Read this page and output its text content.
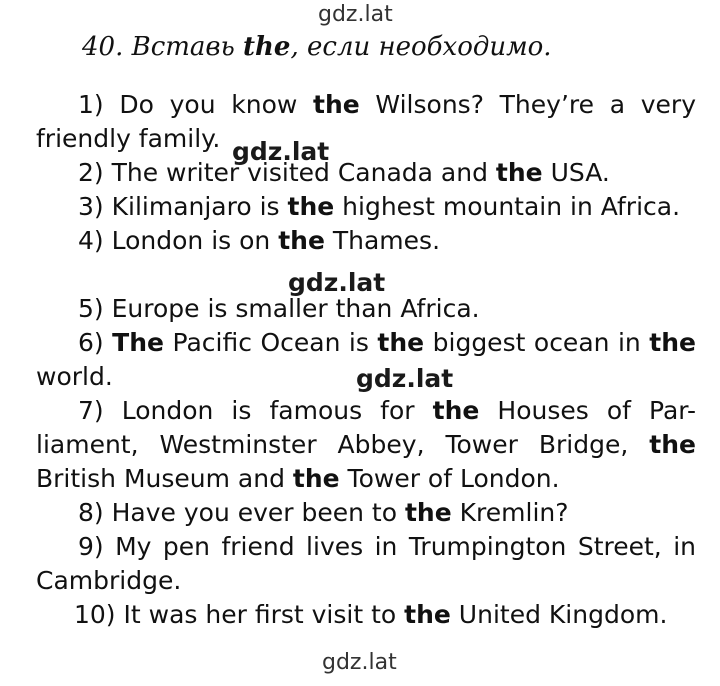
gdz.lat
40. Вставь the, если необходимо.
1) Do you know the Wilsons? They’re a very
friendly family.
2) The writer visited Canada and the USA.
3) Kilimanjaro is the highest mountain in Africa.
4) London is on the Thames.
5) Europe is smaller than Africa.
6) The Pacific Ocean is the biggest ocean in the
world.
7) London is famous for the Houses of Par-
liament, Westminster Abbey, Tower Bridge, the
British Museum and the Tower of London.
8) Have you ever been to the Kremlin?
9) My pen friend lives in Trumpington Street, in
Cambridge.
10) It was her first visit to the United Kingdom.
gdz.lat
gdz.lat
gdz.lat
gdz.lat
